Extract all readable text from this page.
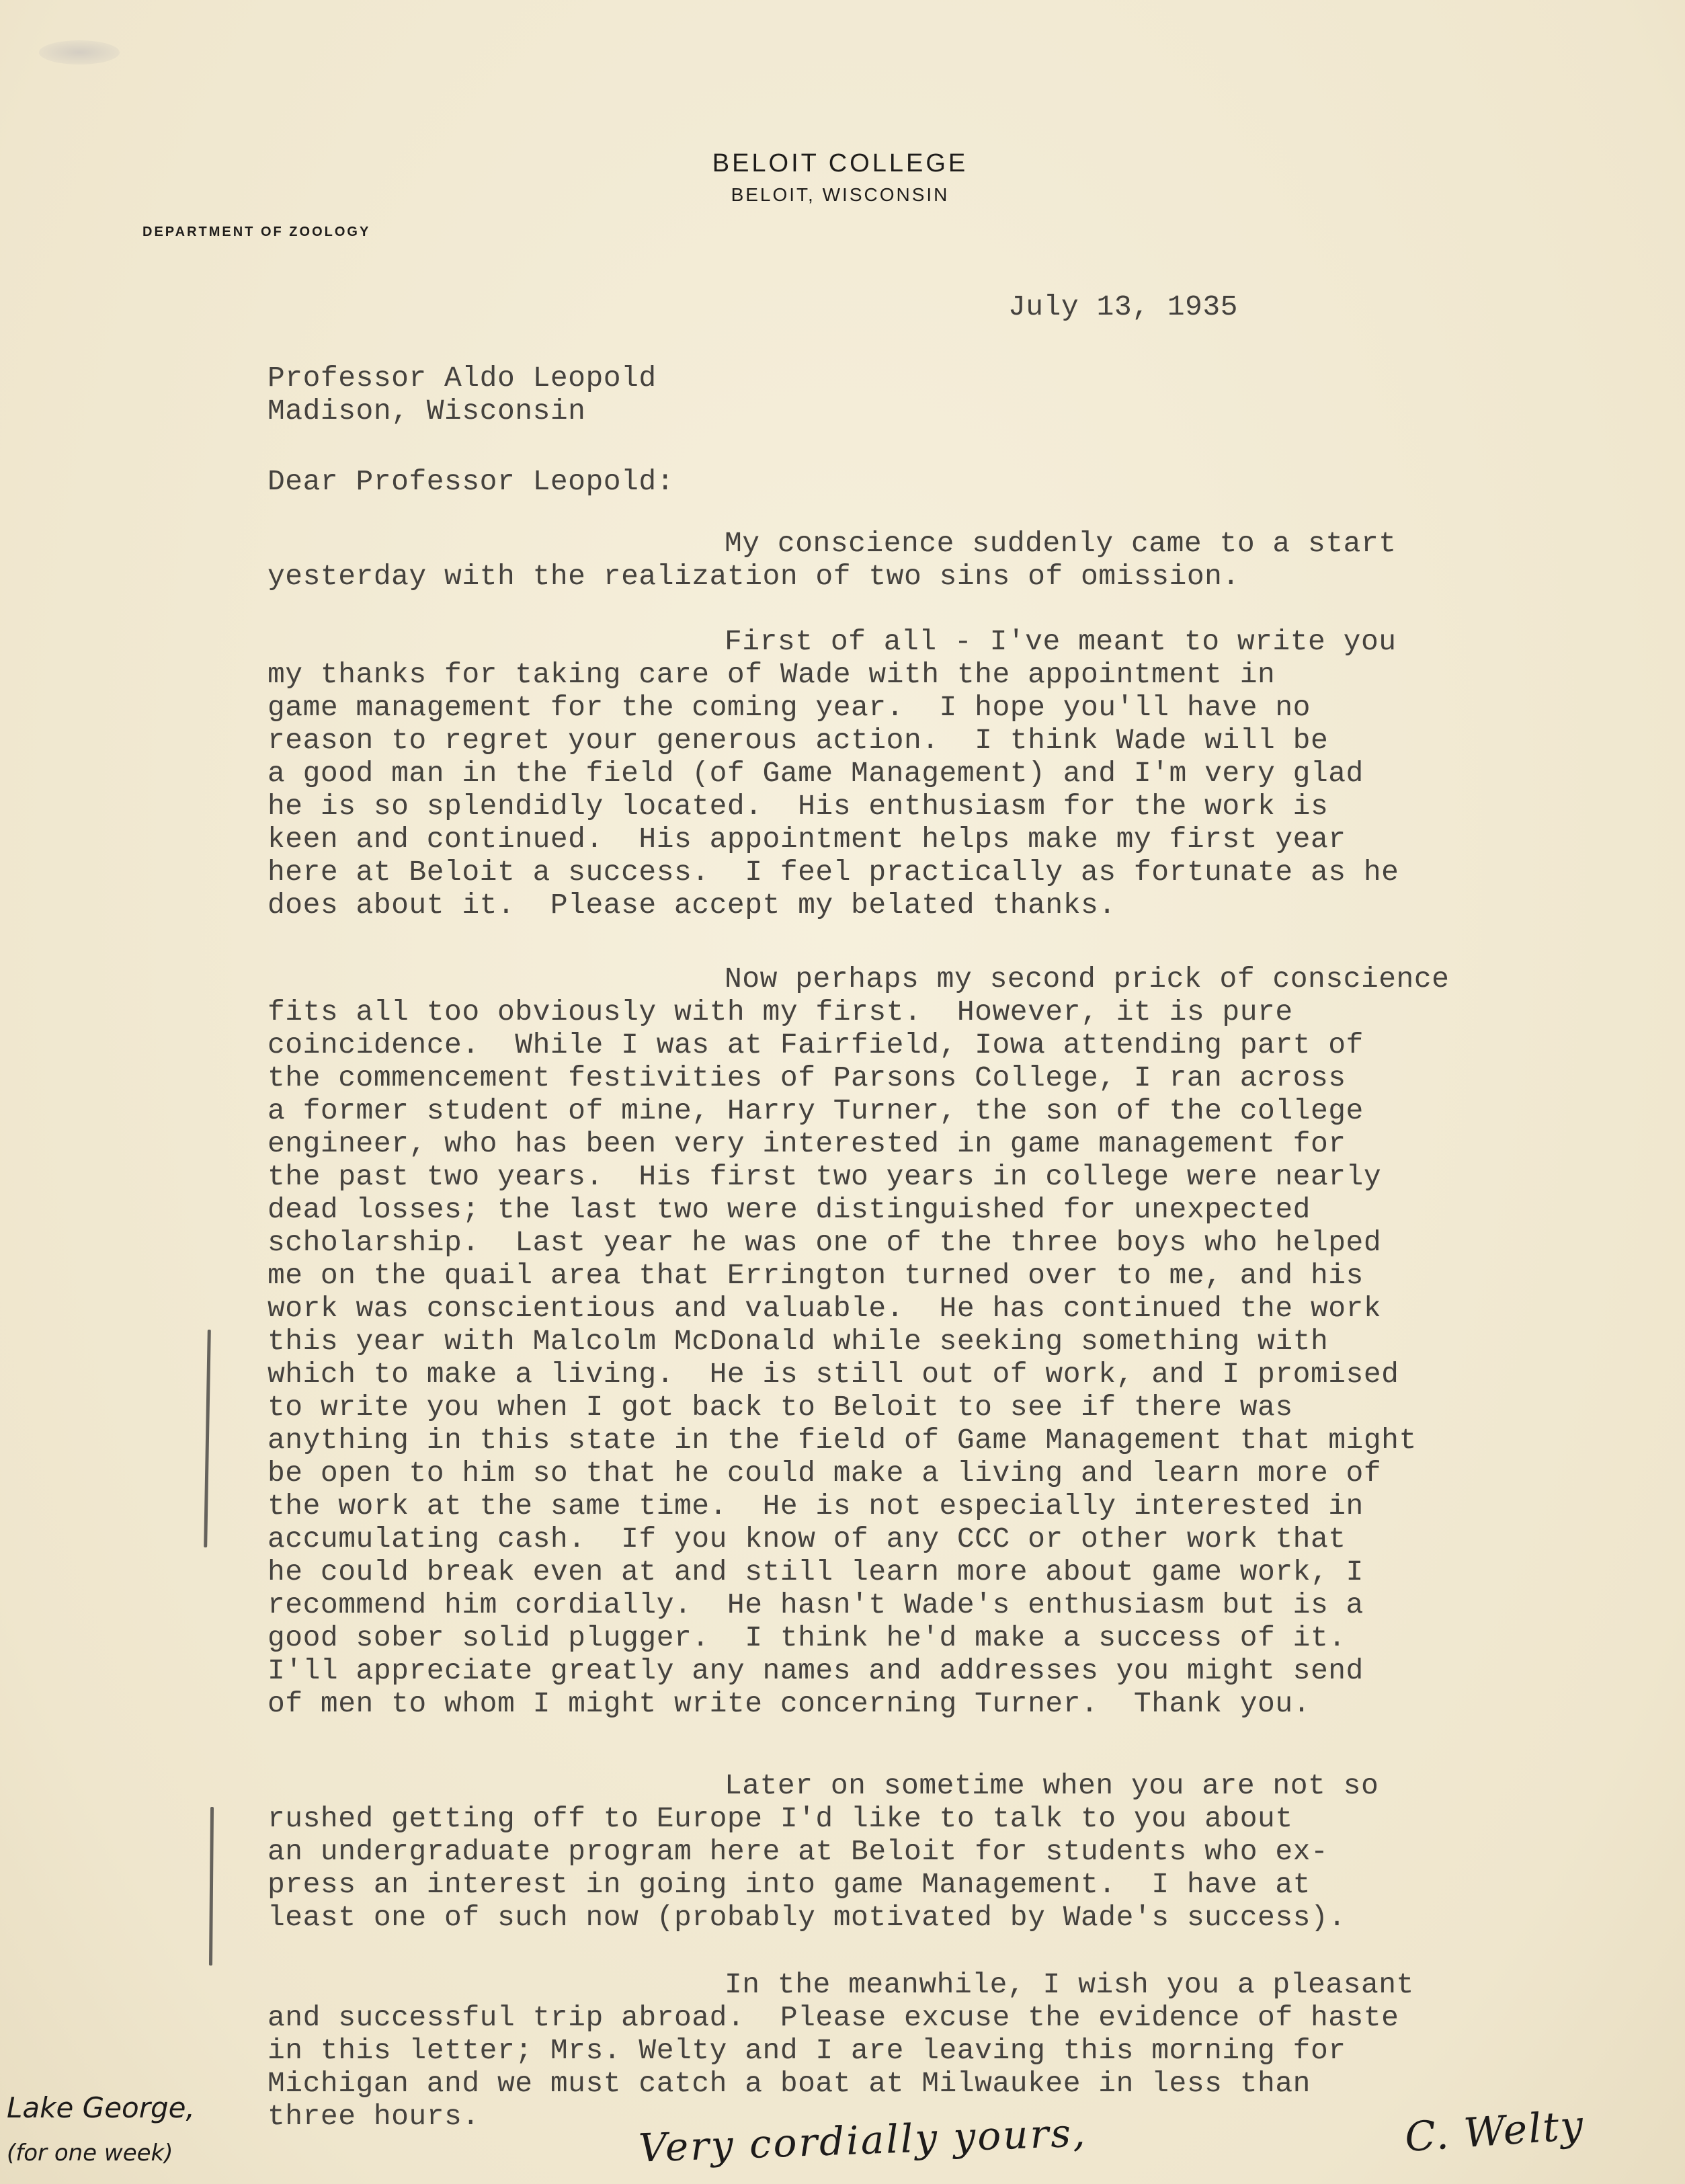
BELOIT COLLEGE
BELOIT, WISCONSIN
DEPARTMENT OF ZOOLOGY
July 13, 1935
Professor Aldo Leopold
Madison, Wisconsin
Dear Professor Leopold:
My conscience suddenly came to a start
yesterday with the realization of two sins of omission.
First of all - I've meant to write you
my thanks for taking care of Wade with the appointment in
game management for the coming year.  I hope you'll have no
reason to regret your generous action.  I think Wade will be
a good man in the field (of Game Management) and I'm very glad
he is so splendidly located.  His enthusiasm for the work is
keen and continued.  His appointment helps make my first year
here at Beloit a success.  I feel practically as fortunate as he
does about it.  Please accept my belated thanks.
Now perhaps my second prick of conscience
fits all too obviously with my first.  However, it is pure
coincidence.  While I was at Fairfield, Iowa attending part of
the commencement festivities of Parsons College, I ran across
a former student of mine, Harry Turner, the son of the college
engineer, who has been very interested in game management for
the past two years.  His first two years in college were nearly
dead losses; the last two were distinguished for unexpected
scholarship.  Last year he was one of the three boys who helped
me on the quail area that Errington turned over to me, and his
work was conscientious and valuable.  He has continued the work
this year with Malcolm McDonald while seeking something with
which to make a living.  He is still out of work, and I promised
to write you when I got back to Beloit to see if there was
anything in this state in the field of Game Management that might
be open to him so that he could make a living and learn more of
the work at the same time.  He is not especially interested in
accumulating cash.  If you know of any CCC or other work that
he could break even at and still learn more about game work, I
recommend him cordially.  He hasn't Wade's enthusiasm but is a
good sober solid plugger.  I think he'd make a success of it.
I'll appreciate greatly any names and addresses you might send
of men to whom I might write concerning Turner.  Thank you.
Later on sometime when you are not so
rushed getting off to Europe I'd like to talk to you about
an undergraduate program here at Beloit for students who ex-
press an interest in going into game Management.  I have at
least one of such now (probably motivated by Wade's success).
In the meanwhile, I wish you a pleasant
and successful trip abroad.  Please excuse the evidence of haste
in this letter; Mrs. Welty and I are leaving this morning for
Michigan and we must catch a boat at Milwaukee in less than
three hours.	Very cordially yours,	C. Welty
Lake George,
(for one week)
